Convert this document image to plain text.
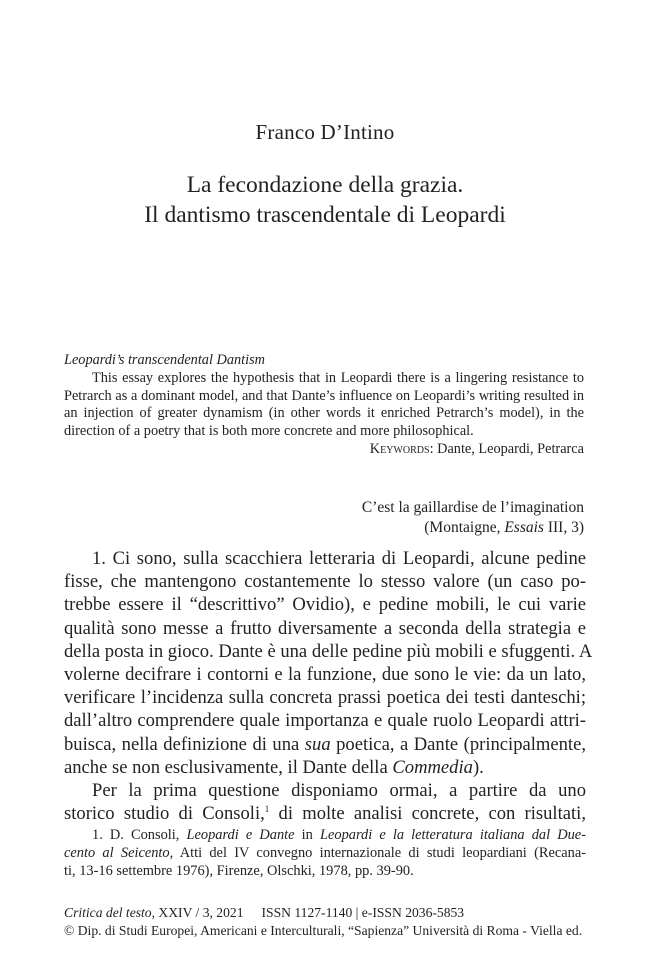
Franco D’Intino
La fecondazione della grazia.
Il dantismo trascendentale di Leopardi
Leopardi’s transcendental Dantism
This essay explores the hypothesis that in Leopardi there is a lingering resistance to Petrarch as a dominant model, and that Dante’s influence on Leopardi’s writing resulted in an injection of greater dynamism (in other words it enriched Petrarch’s model), in the direction of a poetry that is both more concrete and more philosophical.
Keywords: Dante, Leopardi, Petrarca
C’est la gaillardise de l’imagination
(Montaigne, Essais III, 3)
1. Ci sono, sulla scacchiera letteraria di Leopardi, alcune pedine
fisse, che mantengono costantemente lo stesso valore (un caso po-
trebbe essere il “descrittivo” Ovidio), e pedine mobili, le cui varie
qualità sono messe a frutto diversamente a seconda della strategia e
della posta in gioco. Dante è una delle pedine più mobili e sfuggenti. A
volerne decifrare i contorni e la funzione, due sono le vie: da un lato,
verificare l’incidenza sulla concreta prassi poetica dei testi danteschi;
dall’altro comprendere quale importanza e quale ruolo Leopardi attri-
buisca, nella definizione di una sua poetica, a Dante (principalmente,
anche se non esclusivamente, il Dante della Commedia).
Per la prima questione disponiamo ormai, a partire da uno
storico studio di Consoli,$^1$ di molte analisi concrete, con risultati,
1. D. Consoli, Leopardi e Dante in Leopardi e la letteratura italiana dal Due-
cento al Seicento, Atti del IV convegno internazionale di studi leopardiani (Recana-
ti, 13-16 settembre 1976), Firenze, Olschki, 1978, pp. 39-90.
Critica del testo, XXIV / 3, 2021 ISSN 1127-1140 | e-ISSN 2036-5853
© Dip. di Studi Europei, Americani e Interculturali, “Sapienza” Università di Roma - Viella ed.
